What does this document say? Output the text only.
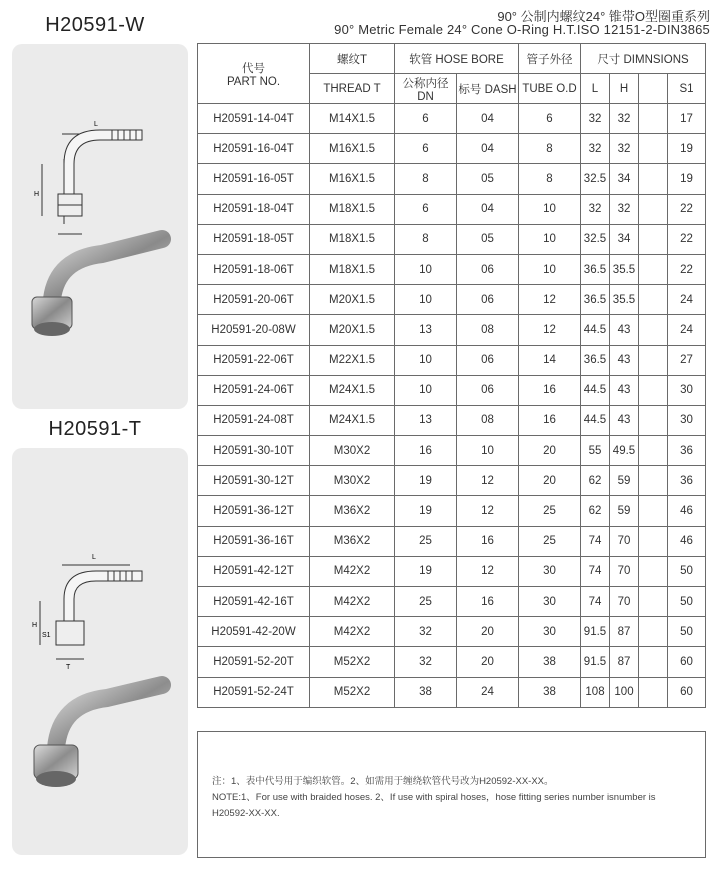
H20591-W	90° 公制内螺纹24° 锥带O型圈重系列
90° Metric Female 24° Cone O-Ring H.T.ISO 12151-2-DIN3865
L
H
H20591-T
L
H
S1
T
代号
PART NO.	螺纹T	软管 HOSE BORE		管子外径	尺寸 DIMNSIONS			
	THREAD T	公称内径DN	标号 DASH	TUBE O.D	L	H		S1
H20591-14-04T	M14X1.5	6	04	6	32	32		17
H20591-16-04T	M16X1.5	6	04	8	32	32		19
H20591-16-05T	M16X1.5	8	05	8	32.5	34		19
H20591-18-04T	M18X1.5	6	04	10	32	32		22
H20591-18-05T	M18X1.5	8	05	10	32.5	34		22
H20591-18-06T	M18X1.5	10	06	10	36.5	35.5		22
H20591-20-06T	M20X1.5	10	06	12	36.5	35.5		24
H20591-20-08W	M20X1.5	13	08	12	44.5	43		24
H20591-22-06T	M22X1.5	10	06	14	36.5	43		27
H20591-24-06T	M24X1.5	10	06	16	44.5	43		30
H20591-24-08T	M24X1.5	13	08	16	44.5	43		30
H20591-30-10T	M30X2	16	10	20	55	49.5		36
H20591-30-12T	M30X2	19	12	20	62	59		36
H20591-36-12T	M36X2	19	12	25	62	59		46
H20591-36-16T	M36X2	25	16	25	74	70		46
H20591-42-12T	M42X2	19	12	30	74	70		50
H20591-42-16T	M42X2	25	16	30	74	70		50
H20591-42-20W	M42X2	32	20	30	91.5	87		50
H20591-52-20T	M52X2	32	20	38	91.5	87		60
H20591-52-24T	M52X2	38	24	38	108	100		60
注：1、表中代号用于编织软管。2、如需用于缠绕软管代号改为H20592-XX-XX。
NOTE:1、For use with braided hoses. 2、If use with spiral hoses，hose fitting series number isnumber is
H20592-XX-XX.
